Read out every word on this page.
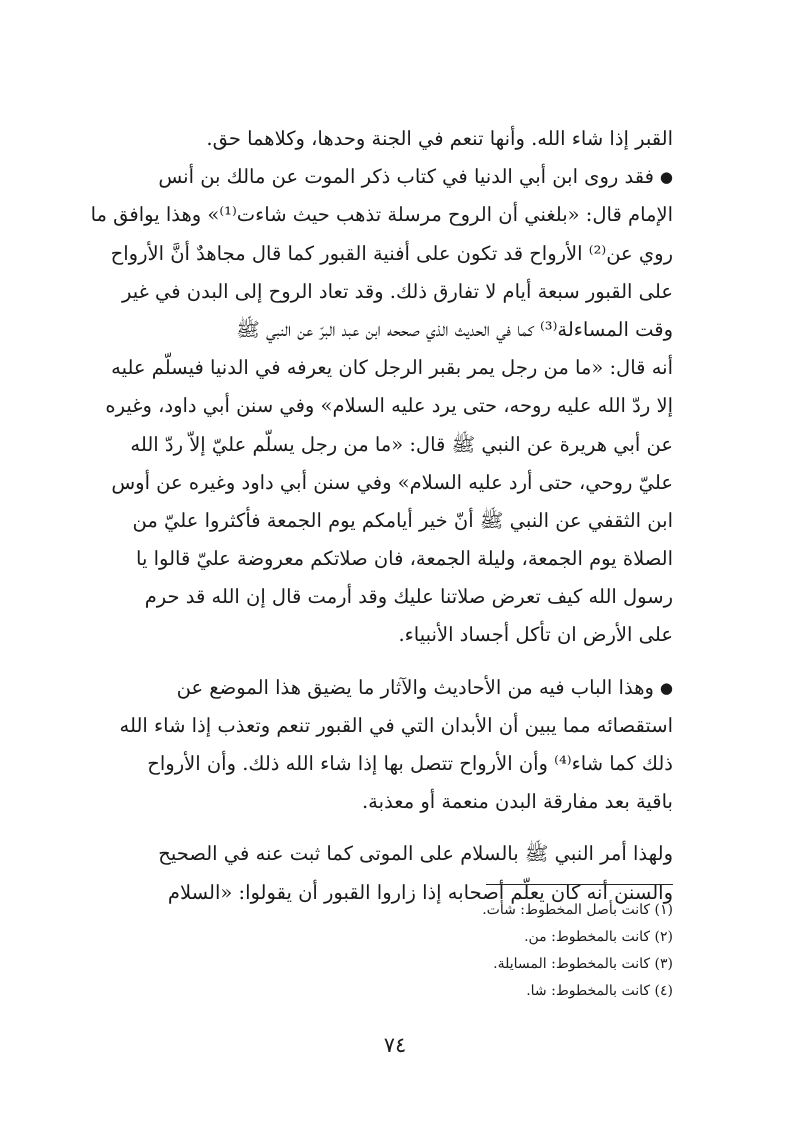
القبر إذا شاء الله. وأنها تنعم في الجنة وحدها، وكلاهما حق.
●فقد روى ابن أبي الدنيا في كتاب ذكر الموت عن مالك بن أنس
الإمام قال: «بلغني أن الروح مرسلة تذهب حيث شاءت⁽¹⁾» وهذا يوافق ما
روي عن⁽²⁾ الأرواح قد تكون على أفنية القبور كما قال مجاهدٌ أنَّ الأرواح
على القبور سبعة أيام لا تفارق ذلك. وقد تعاد الروح إلى البدن في غير
وقت المساءلة⁽³⁾ كما في الحديث الذي صححه ابن عبد البرّ عن النبي ﷺ
أنه قال: «ما من رجل يمر بقبر الرجل كان يعرفه في الدنيا فيسلّم عليه
إلا ردّ الله عليه روحه، حتى يرد عليه السلام» وفي سنن أبي داود، وغيره
عن أبي هريرة عن النبي ﷺ قال: «ما من رجل يسلّم عليّ إلاّ ردّ الله
عليّ روحي، حتى أرد عليه السلام» وفي سنن أبي داود وغيره عن أوس
ابن الثقفي عن النبي ﷺ أنّ خير أيامكم يوم الجمعة فأكثروا عليّ من
الصلاة يوم الجمعة، وليلة الجمعة، فان صلاتكم معروضة عليّ قالوا يا
رسول الله كيف تعرض صلاتنا عليك وقد أرمت قال إن الله قد حرم
على الأرض ان تأكل أجساد الأنبياء.
●وهذا الباب فيه من الأحاديث والآثار ما يضيق هذا الموضع عن
استقصائه مما يبين أن الأبدان التي في القبور تنعم وتعذب إذا شاء الله
ذلك كما شاء⁽⁴⁾ وأن الأرواح تتصل بها إذا شاء الله ذلك. وأن الأرواح
باقية بعد مفارقة البدن منعمة أو معذبة.
ولهذا أمر النبي ﷺ بالسلام على الموتى كما ثبت عنه في الصحيح
والسنن أنه كان يعلّم أصحابه إذا زاروا القبور أن يقولوا: «السلام
(١) كانت بأصل المخطوط: شأت.
(٢) كانت بالمخطوط: من.
(٣) كانت بالمخطوط: المسايلة.
(٤) كانت بالمخطوط: شا.
٧٤
